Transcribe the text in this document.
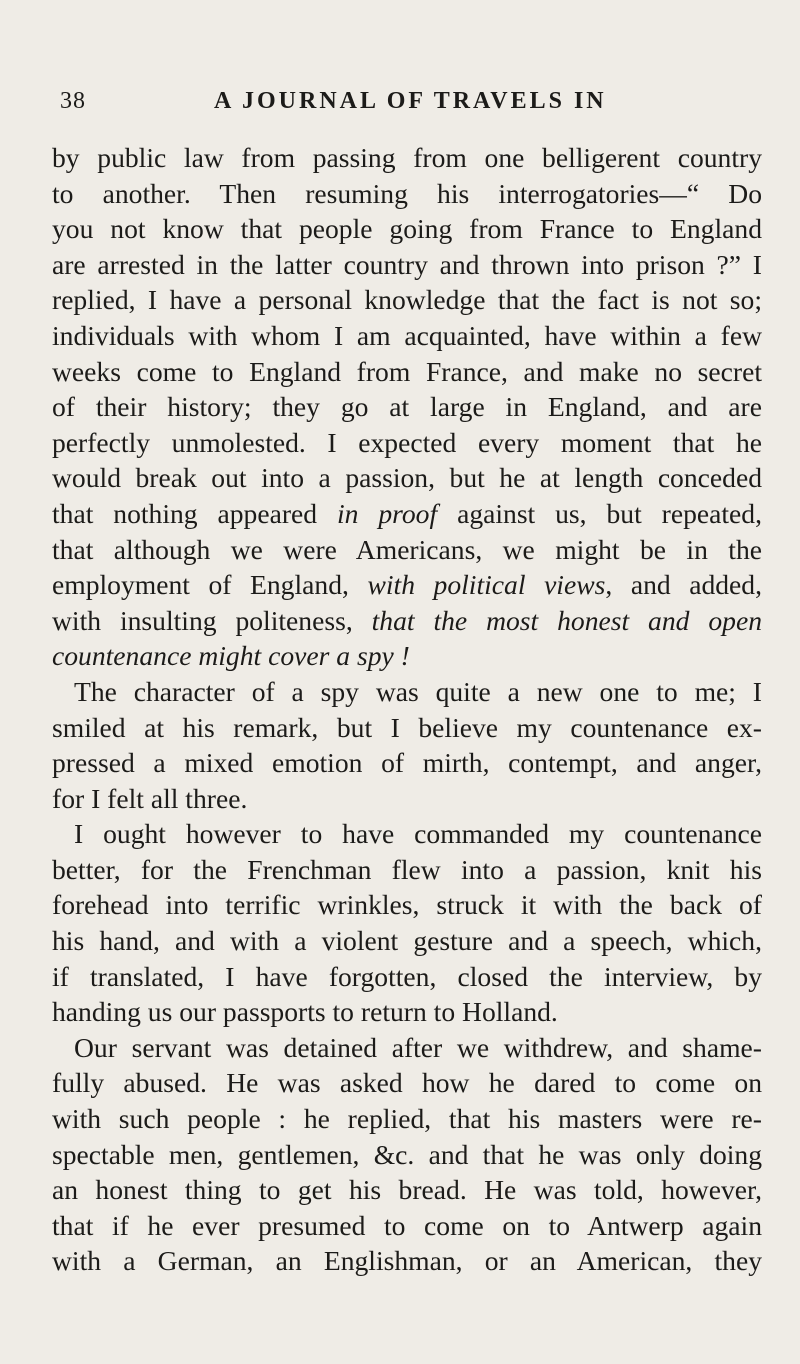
38	A JOURNAL OF TRAVELS IN
by public law from passing from one belligerent country
to another. Then resuming his interrogatories—“ Do
you not know that people going from France to England
are arrested in the latter country and thrown into prison ?” I
replied, I have a personal knowledge that the fact is not so;
individuals with whom I am acquainted, have within a few
weeks come to England from France, and make no secret
of their history; they go at large in England, and are
perfectly unmolested. I expected every moment that he
would break out into a passion, but he at length conceded
that nothing appeared in proof against us, but repeated,
that although we were Americans, we might be in the
employment of England, with political views, and added,
with insulting politeness, that the most honest and open
countenance might cover a spy !
The character of a spy was quite a new one to me; I
smiled at his remark, but I believe my countenance ex-
pressed a mixed emotion of mirth, contempt, and anger,
for I felt all three.
I ought however to have commanded my countenance
better, for the Frenchman flew into a passion, knit his
forehead into terrific wrinkles, struck it with the back of
his hand, and with a violent gesture and a speech, which,
if translated, I have forgotten, closed the interview, by
handing us our passports to return to Holland.
Our servant was detained after we withdrew, and shame-
fully abused. He was asked how he dared to come on
with such people : he replied, that his masters were re-
spectable men, gentlemen, &c. and that he was only doing
an honest thing to get his bread. He was told, however,
that if he ever presumed to come on to Antwerp again
with a German, an Englishman, or an American, they
